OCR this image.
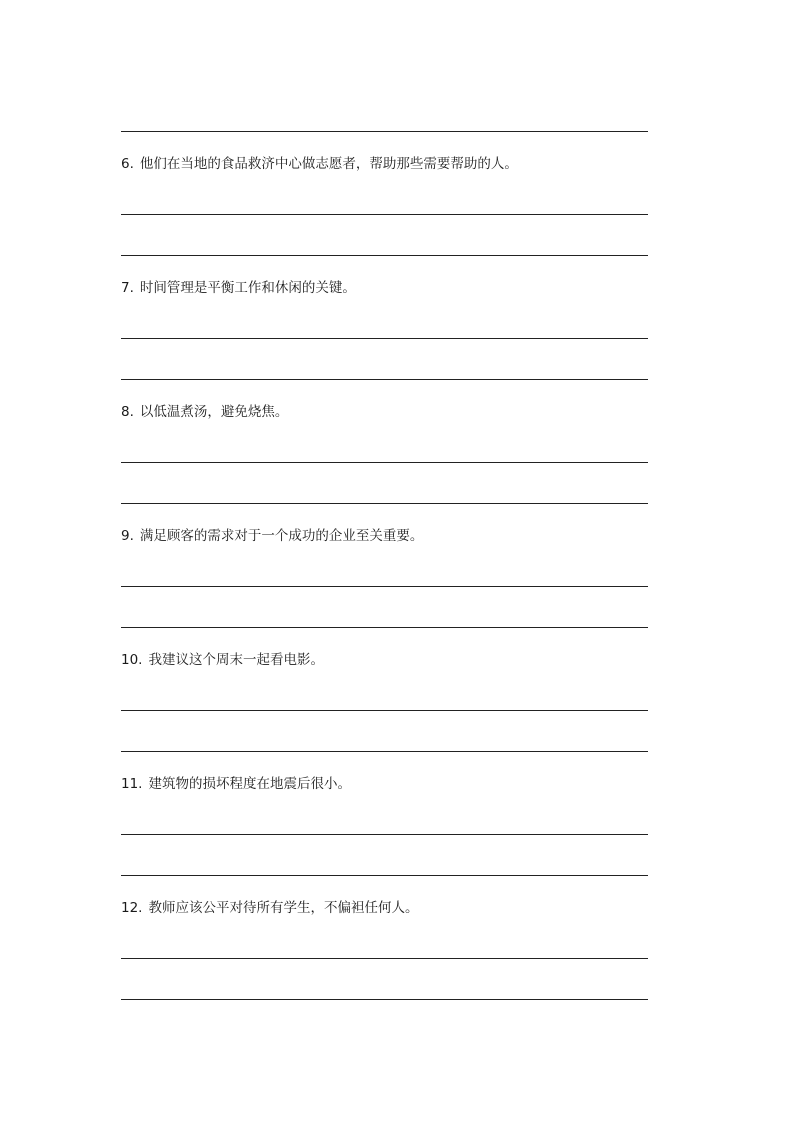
6. 他们在当地的食品救济中心做志愿者，帮助那些需要帮助的人。
7. 时间管理是平衡工作和休闲的关键。
8. 以低温煮汤，避免烧焦。
9. 满足顾客的需求对于一个成功的企业至关重要。
10. 我建议这个周末一起看电影。
11. 建筑物的损坏程度在地震后很小。
12. 教师应该公平对待所有学生，不偏袒任何人。
